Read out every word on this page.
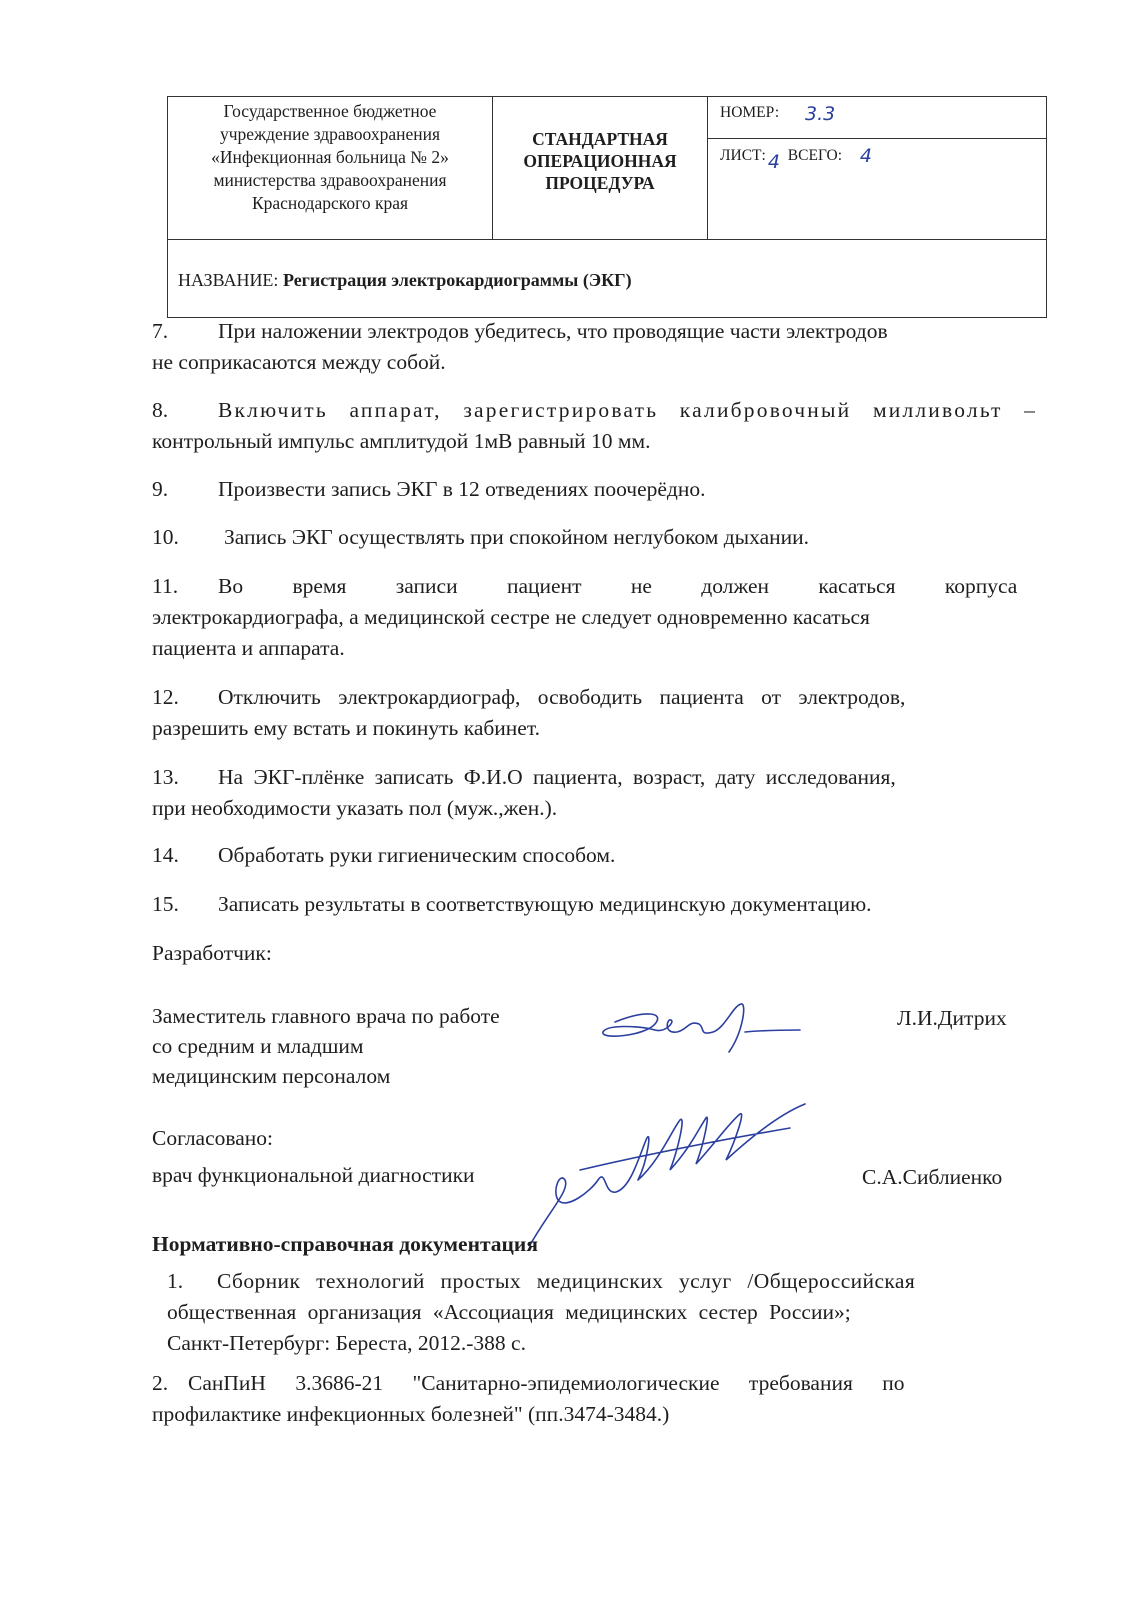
Государственное бюджетное
учреждение здравоохранения
«Инфекционная больница № 2»
министерства здравоохранения
Краснодарского края
СТАНДАРТНАЯ
ОПЕРАЦИОННАЯ
ПРОЦЕДУРА
НОМЕР: 3.3
ЛИСТ: 4 ВСЕГО: 4
НАЗВАНИЕ: Регистрация электрокардиограммы (ЭКГ)
7. При наложении электродов убедитесь, что проводящие части электродов
не соприкасаются между собой.
8. Включить аппарат, зарегистрировать калибровочный милливольт –
контрольный импульс амплитудой 1мВ равный 10 мм.
9. Произвести запись ЭКГ в 12 отведениях поочерёдно.
10. Запись ЭКГ осуществлять при спокойном неглубоком дыхании.
11. Во время записи пациент не должен касаться корпуса
электрокардиографа, а медицинской сестре не следует одновременно касаться
пациента и аппарата.
12. Отключить электрокардиограф, освободить пациента от электродов,
разрешить ему встать и покинуть кабинет.
13. На ЭКГ-плёнке записать Ф.И.О пациента, возраст, дату исследования,
при необходимости указать пол (муж.,жен.).
14. Обработать руки гигиеническим способом.
15. Записать результаты в соответствующую медицинскую документацию.
Разработчик:
Заместитель главного врача по работе
со средним и младшим
медицинским персоналом
Л.И.Дитрих
Согласовано:
врач функциональной диагностики	С.А.Сиблиенко
Нормативно-справочная документация
1. Сборник технологий простых медицинских услуг /Общероссийская
общественная организация «Ассоциация медицинских сестер России»;
Санкт-Петербург: Береста, 2012.-388 с.
2. СанПиН 3.3686-21 "Санитарно-эпидемиологические требования по
профилактике инфекционных болезней" (пп.3474-3484.)
